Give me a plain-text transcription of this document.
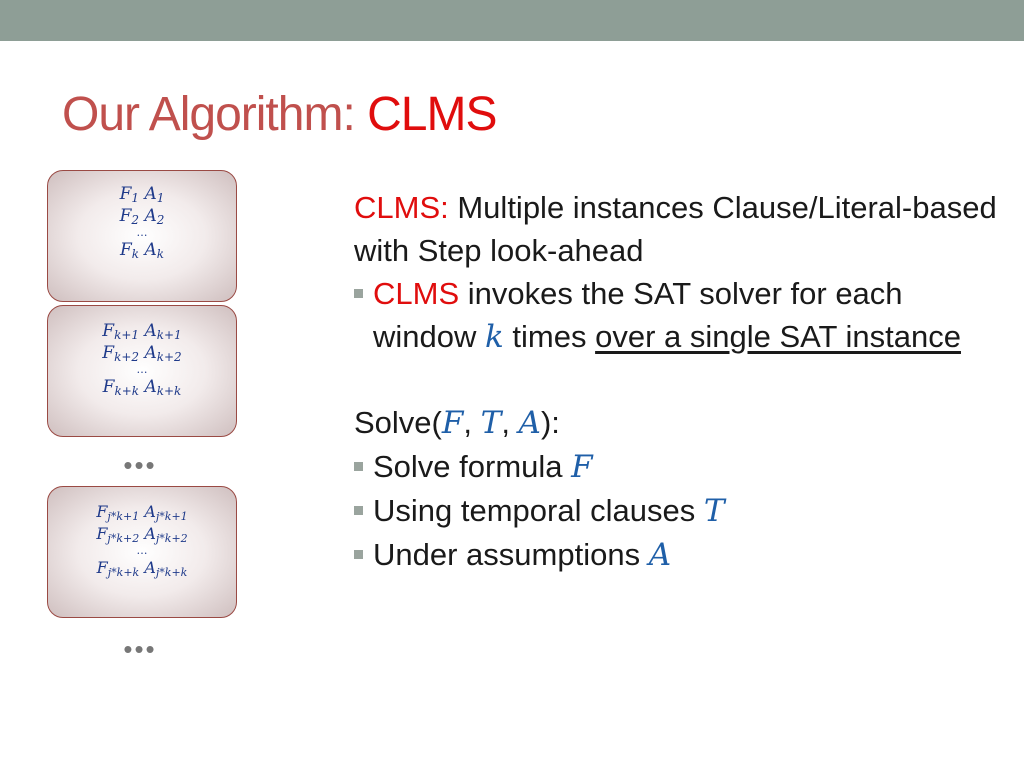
Our Algorithm: CLMS
$F_1$ $A_1$
$F_2$ $A_2$
…
$F_k$ $A_k$
$F_{k+1}$ $A_{k+1}$
$F_{k+2}$ $A_{k+2}$
…
$F_{k+k}$ $A_{k+k}$
•••
$F_{j*k+1}$ $A_{j*k+1}$
$F_{j*k+2}$ $A_{j*k+2}$
…
$F_{j*k+k}$ $A_{j*k+k}$
•••
CLMS: Multiple instances Clause/Literal-based with Step look-ahead
CLMS invokes the SAT solver for each window k times over a single SAT instance
Solve(F, T, A):
Solve formula F
Using temporal clauses T
Under assumptions A
